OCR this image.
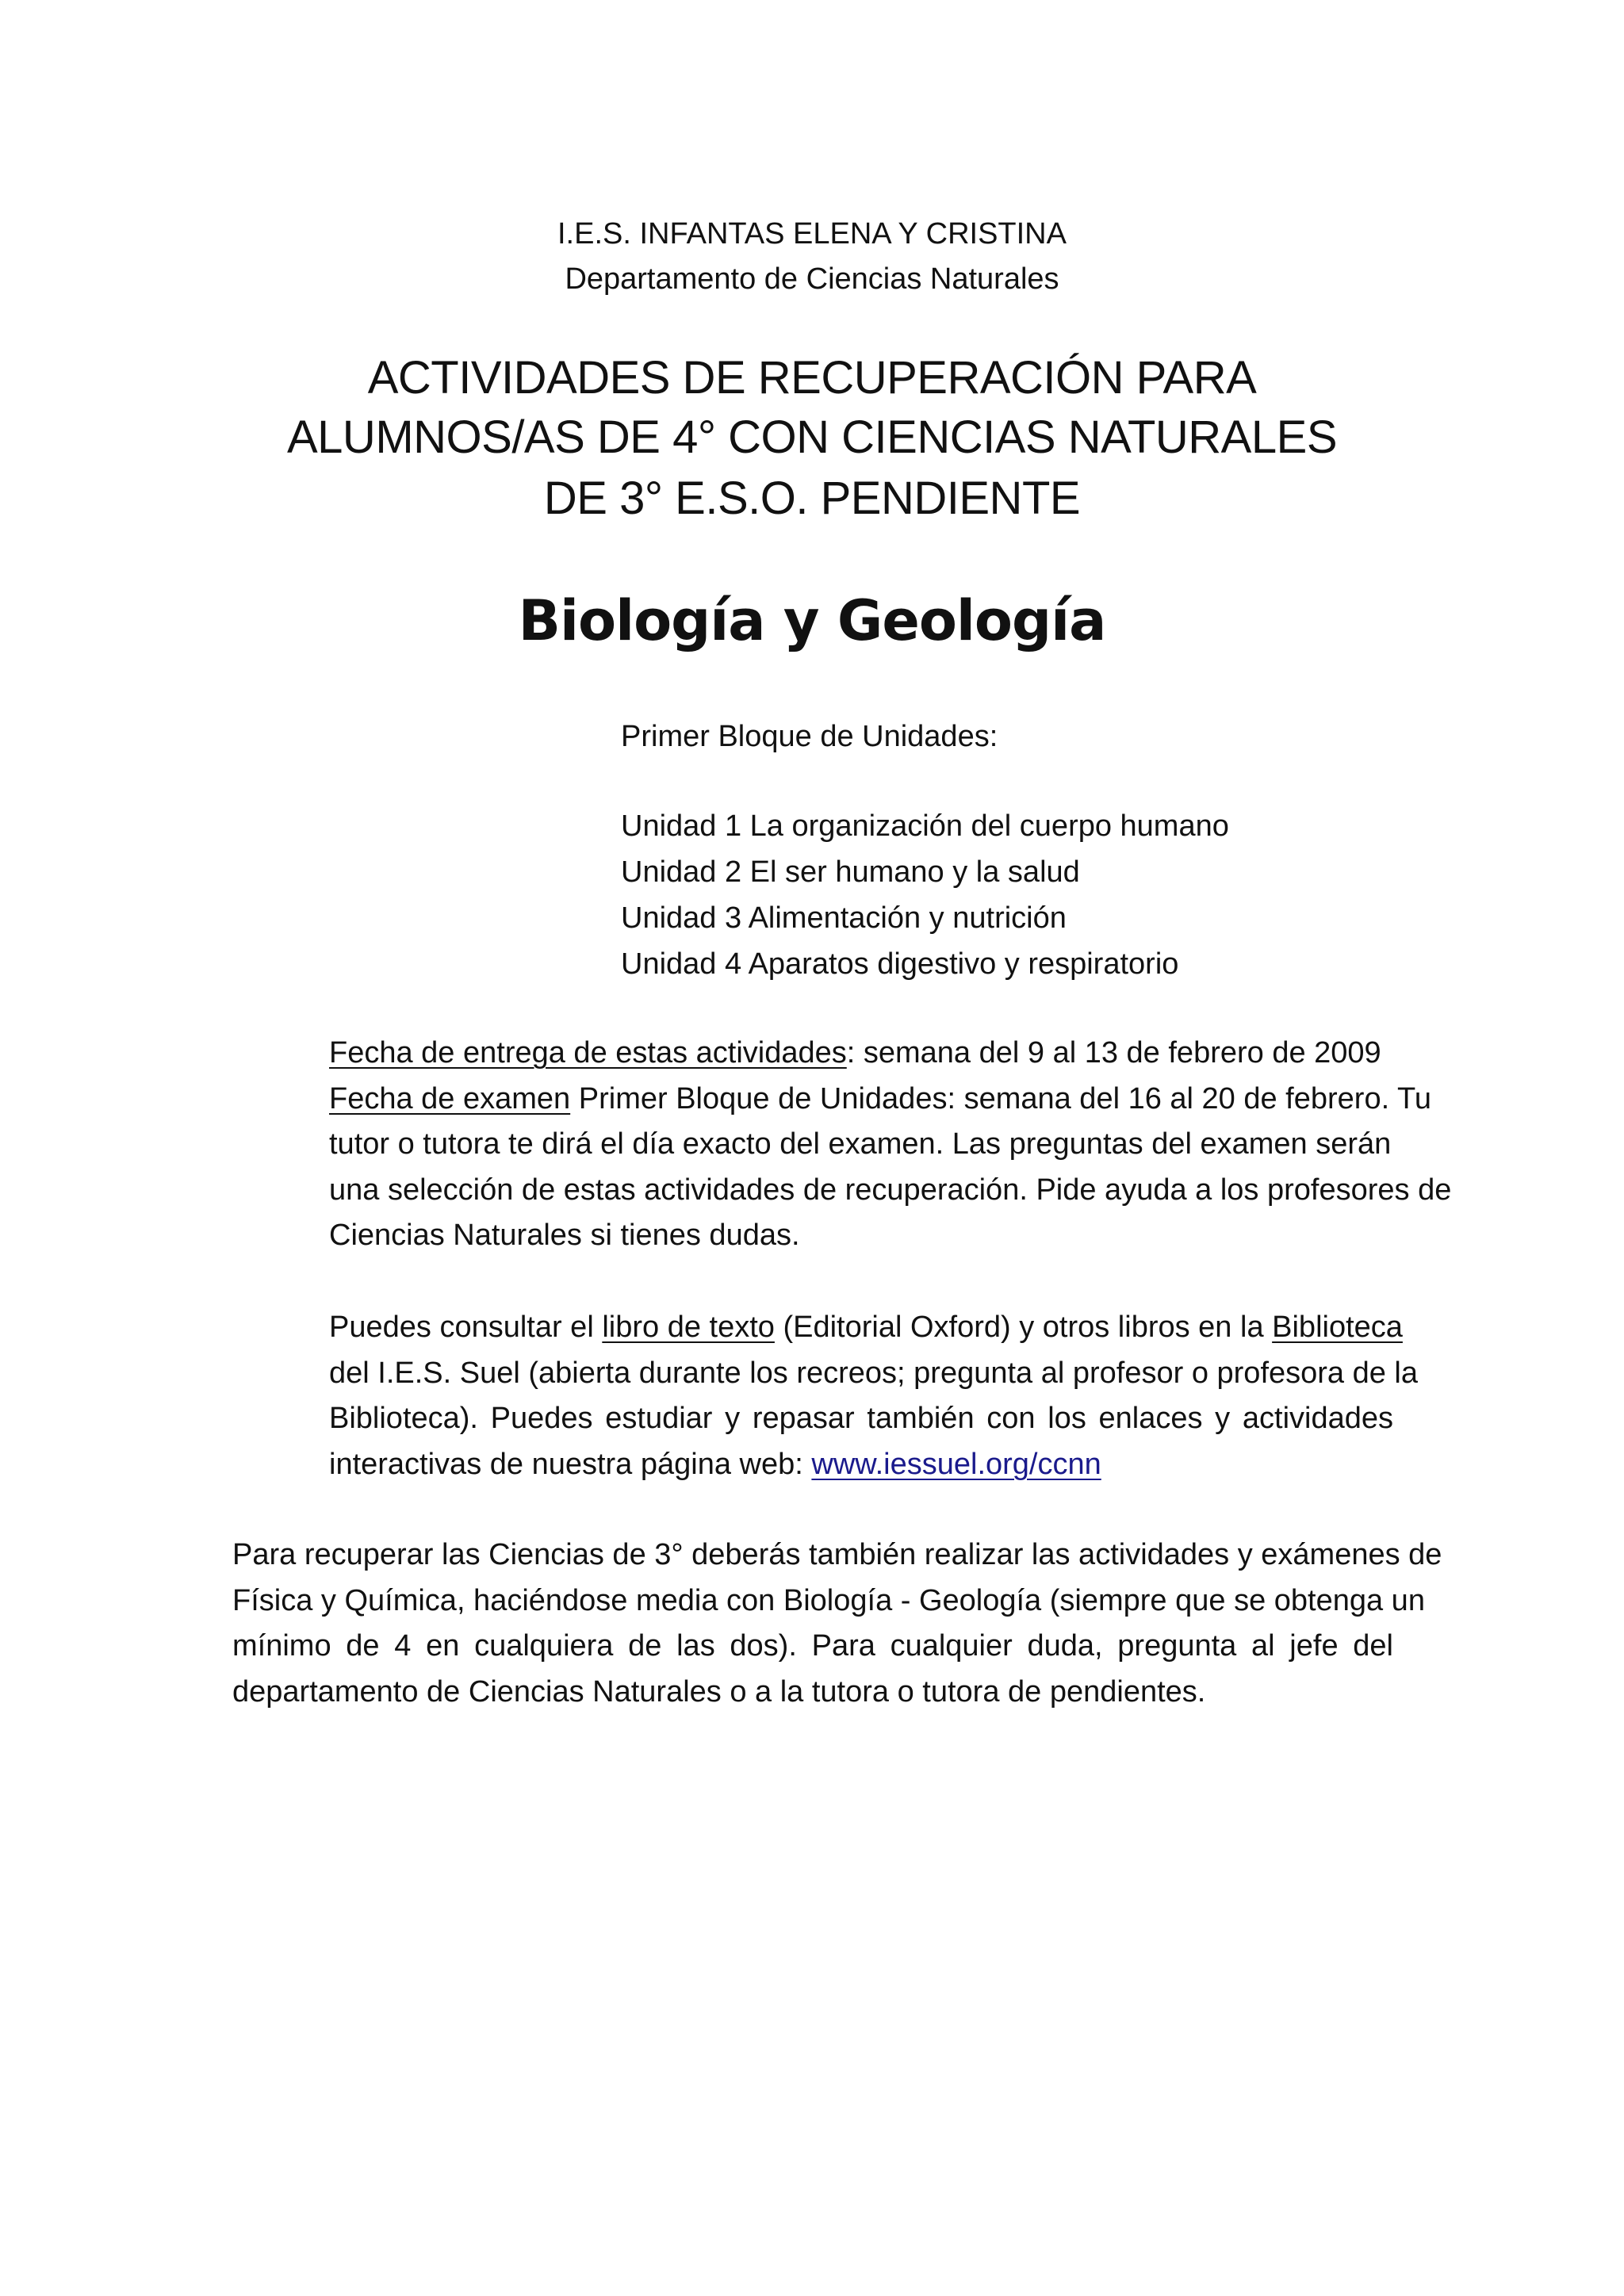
I.E.S. INFANTAS ELENA Y CRISTINA
Departamento de Ciencias Naturales
ACTIVIDADES DE RECUPERACIÓN PARA
ALUMNOS/AS DE 4° CON CIENCIAS NATURALES
DE 3° E.S.O. PENDIENTE
Biología y Geología
Primer Bloque de Unidades:
Unidad 1 La organización del cuerpo humano
Unidad 2 El ser humano y la salud
Unidad 3 Alimentación y nutrición
Unidad 4 Aparatos digestivo y respiratorio
Fecha de entrega de estas actividades: semana del 9 al 13 de febrero de 2009
Fecha de examen Primer Bloque de Unidades: semana del 16 al 20 de febrero. Tu
tutor o tutora te dirá el día exacto del examen. Las preguntas del examen serán
una selección de estas actividades de recuperación. Pide ayuda a los profesores de
Ciencias Naturales si tienes dudas.
Puedes consultar el libro de texto (Editorial Oxford) y otros libros en la Biblioteca
del I.E.S. Suel (abierta durante los recreos; pregunta al profesor o profesora de la
Biblioteca). Puedes estudiar y repasar también con los enlaces y actividades
interactivas de nuestra página web: www.iessuel.org/ccnn
Para recuperar las Ciencias de 3° deberás también realizar las actividades y exámenes de
Física y Química, haciéndose media con Biología - Geología (siempre que se obtenga un
mínimo de 4 en cualquiera de las dos). Para cualquier duda, pregunta al jefe del
departamento de Ciencias Naturales o a la tutora o tutora de pendientes.
